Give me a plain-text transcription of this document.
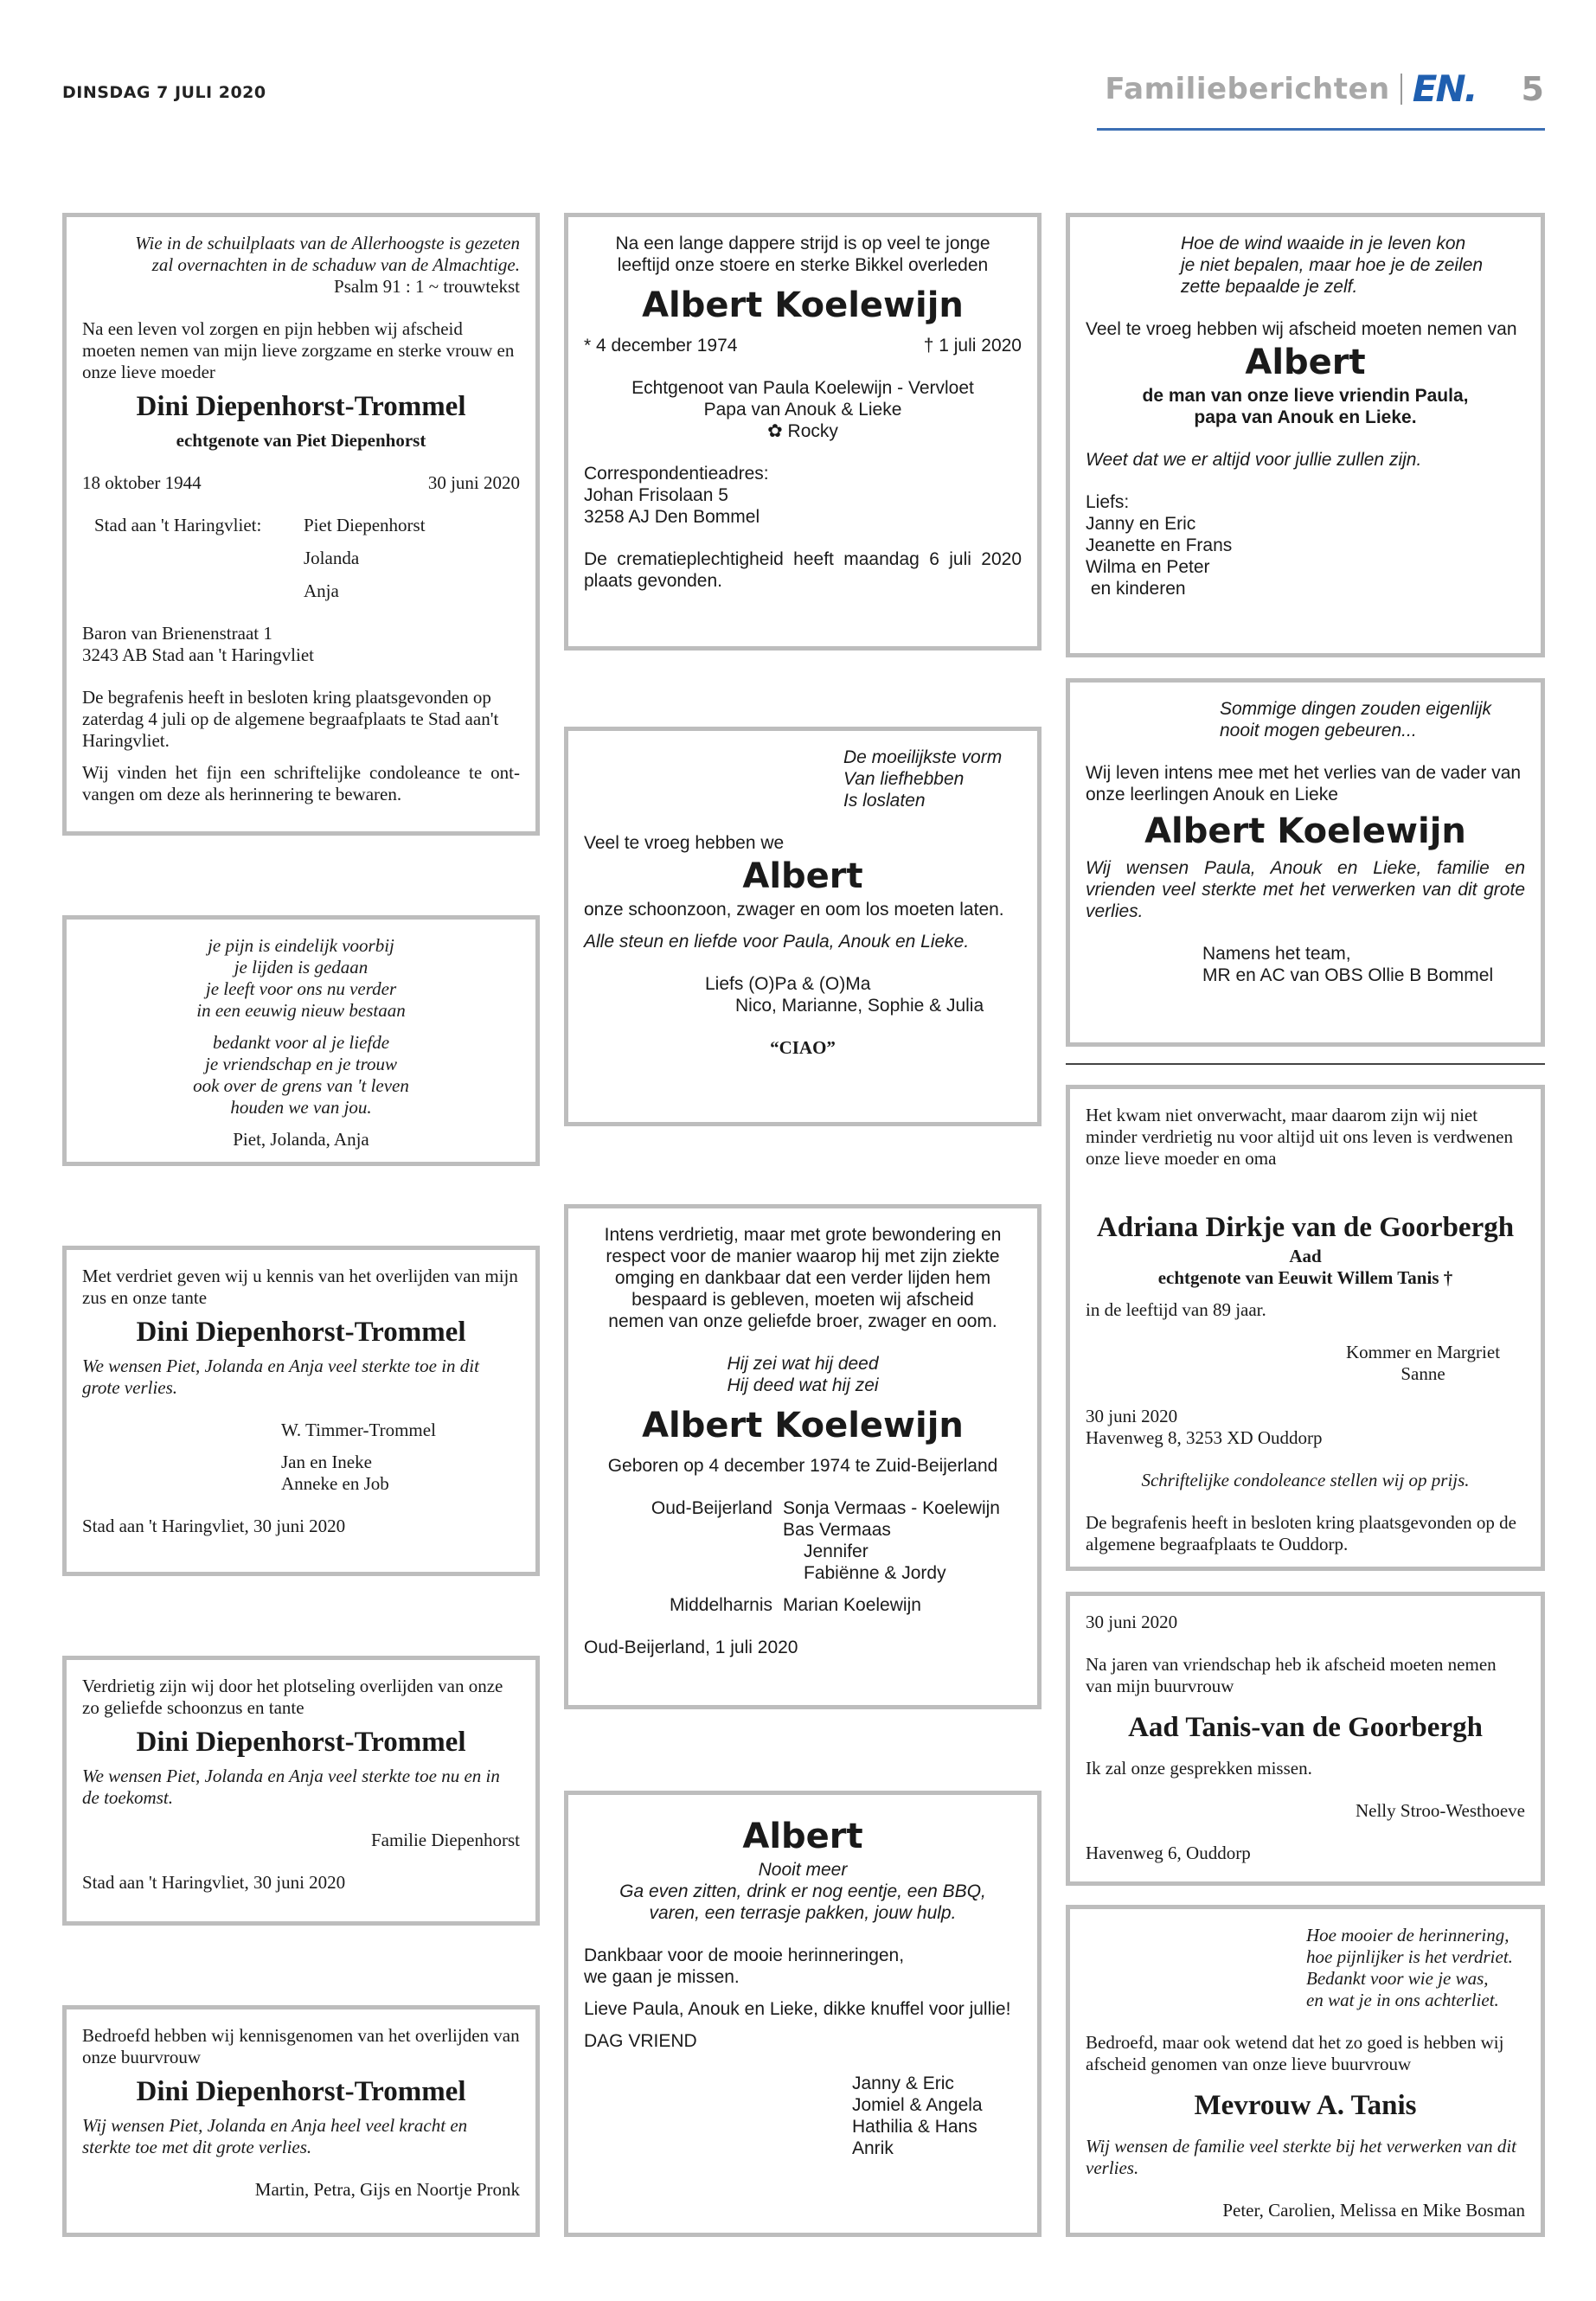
DINSDAG 7 JULI 2020	Familieberichten EN. 5

Wie in de schuilplaats van de Allerhoogste is gezeten

zal overnachten in de schaduw van de Almachtige.

Psalm 91 : 1 ~ trouwtekst

Na een leven vol zorgen en pijn hebben wij afscheid moeten nemen van mijn lieve zorgzame en sterke vrouw en onze lieve moeder

Dini Diepenhorst-Trommel

echtgenote van Piet Diepenhorst

18 oktober 1944	30 juni 2020
Stad aan 't Haringvliet:	Piet Diepenhorst

Jolanda

Anja

Baron van Brienenstraat 1

3243 AB Stad aan 't Haringvliet

De begrafenis heeft in besloten kring plaatsgevonden op zaterdag 4 juli op de algemene begraafplaats te Stad aan't Haringvliet.

Wij vinden het fijn een schriftelijke condoleance te ontvangen om deze als herinnering te bewaren.

je pijn is eindelijk voorbij

je lijden is gedaan

je leeft voor ons nu verder

in een eeuwig nieuw bestaan

bedankt voor al je liefde

je vriendschap en je trouw

ook over de grens van 't leven

houden we van jou.

Piet, Jolanda, Anja

Met verdriet geven wij u kennis van het overlijden van mijn zus en onze tante

Dini Diepenhorst-Trommel

We wensen Piet, Jolanda en Anja veel sterkte toe in dit grote verlies.

W. Timmer-Trommel

Jan en Ineke

Anneke en Job

Stad aan 't Haringvliet, 30 juni 2020

Verdrietig zijn wij door het plotseling overlijden van onze zo geliefde schoonzus en tante

Dini Diepenhorst-Trommel

We wensen Piet, Jolanda en Anja veel sterkte toe nu en in de toekomst.

Familie Diepenhorst

Stad aan 't Haringvliet, 30 juni 2020

Bedroefd hebben wij kennisgenomen van het overlijden van onze buurvrouw

Dini Diepenhorst-Trommel

Wij wensen Piet, Jolanda en Anja heel veel kracht en sterkte toe met dit grote verlies.

Martin, Petra, Gijs en Noortje Pronk

Na een lange dappere strijd is op veel te jonge

leeftijd onze stoere en sterke Bikkel overleden

Albert Koelewijn
* 4 december 1974	† 1 juli 2020

Echtgenoot van Paula Koelewijn - Vervloet

Papa van Anouk & Lieke

✿ Rocky

Correspondentieadres:

Johan Frisolaan 5

3258 AJ Den Bommel

De crematieplechtigheid heeft maandag 6 juli 2020 plaats gevonden.

De moeilijkste vorm

Van liefhebben

Is loslaten

Veel te vroeg hebben we

Albert

onze schoonzoon, zwager en oom los moeten laten.

Alle steun en liefde voor Paula, Anouk en Lieke.

Liefs (O)Pa & (O)Ma

Nico, Marianne, Sophie & Julia

“CIAO”

Intens verdrietig, maar met grote bewondering en

respect voor de manier waarop hij met zijn ziekte

omging en dankbaar dat een verder lijden hem

bespaard is gebleven, moeten wij afscheid

nemen van onze geliefde broer, zwager en oom.

Hij zei wat hij deed

Hij deed wat hij zei

Albert Koelewijn

Geboren op 4 december 1974 te Zuid-Beijerland

Oud-Beijerland Sonja Vermaas - Koelewijn

Bas Vermaas

Jennifer

Fabiënne & Jordy

Middelharnis Marian Koelewijn

Oud-Beijerland, 1 juli 2020

Albert

Nooit meer

Ga even zitten, drink er nog eentje, een BBQ,

varen, een terrasje pakken, jouw hulp.

Dankbaar voor de mooie herinneringen,

we gaan je missen.

Lieve Paula, Anouk en Lieke, dikke knuffel voor jullie!

DAG VRIEND

Janny & Eric

Jomiel & Angela

Hathilia & Hans

Anrik

Hoe de wind waaide in je leven kon

je niet bepalen, maar hoe je de zeilen

zette bepaalde je zelf.

Veel te vroeg hebben wij afscheid moeten nemen van

Albert

de man van onze lieve vriendin Paula,

papa van Anouk en Lieke.

Weet dat we er altijd voor jullie zullen zijn.

Liefs:

Janny en Eric

Jeanette en Frans

Wilma en Peter

en kinderen

Sommige dingen zouden eigenlijk

nooit mogen gebeuren...

Wij leven intens mee met het verlies van de vader van onze leerlingen Anouk en Lieke

Albert Koelewijn

Wij wensen Paula, Anouk en Lieke, familie en vrienden veel sterkte met het verwerken van dit grote verlies.

Namens het team,

MR en AC van OBS Ollie B Bommel

Het kwam niet onverwacht, maar daarom zijn wij niet minder verdrietig nu voor altijd uit ons leven is verdwenen onze lieve moeder en oma

Adriana Dirkje van de Goorbergh

Aad

echtgenote van Eeuwit Willem Tanis †

in de leeftijd van 89 jaar.

Kommer en Margriet

Sanne

30 juni 2020

Havenweg 8, 3253 XD Ouddorp

Schriftelijke condoleance stellen wij op prijs.

De begrafenis heeft in besloten kring plaatsgevonden op de algemene begraafplaats te Ouddorp.

30 juni 2020

Na jaren van vriendschap heb ik afscheid moeten nemen van mijn buurvrouw

Aad Tanis-van de Goorbergh

Ik zal onze gesprekken missen.

Nelly Stroo-Westhoeve

Havenweg 6, Ouddorp

Hoe mooier de herinnering,

hoe pijnlijker is het verdriet.

Bedankt voor wie je was,

en wat je in ons achterliet.

Bedroefd, maar ook wetend dat het zo goed is hebben wij afscheid genomen van onze lieve buurvrouw

Mevrouw A. Tanis

Wij wensen de familie veel sterkte bij het verwerken van dit verlies.

Peter, Carolien, Melissa en Mike Bosman
